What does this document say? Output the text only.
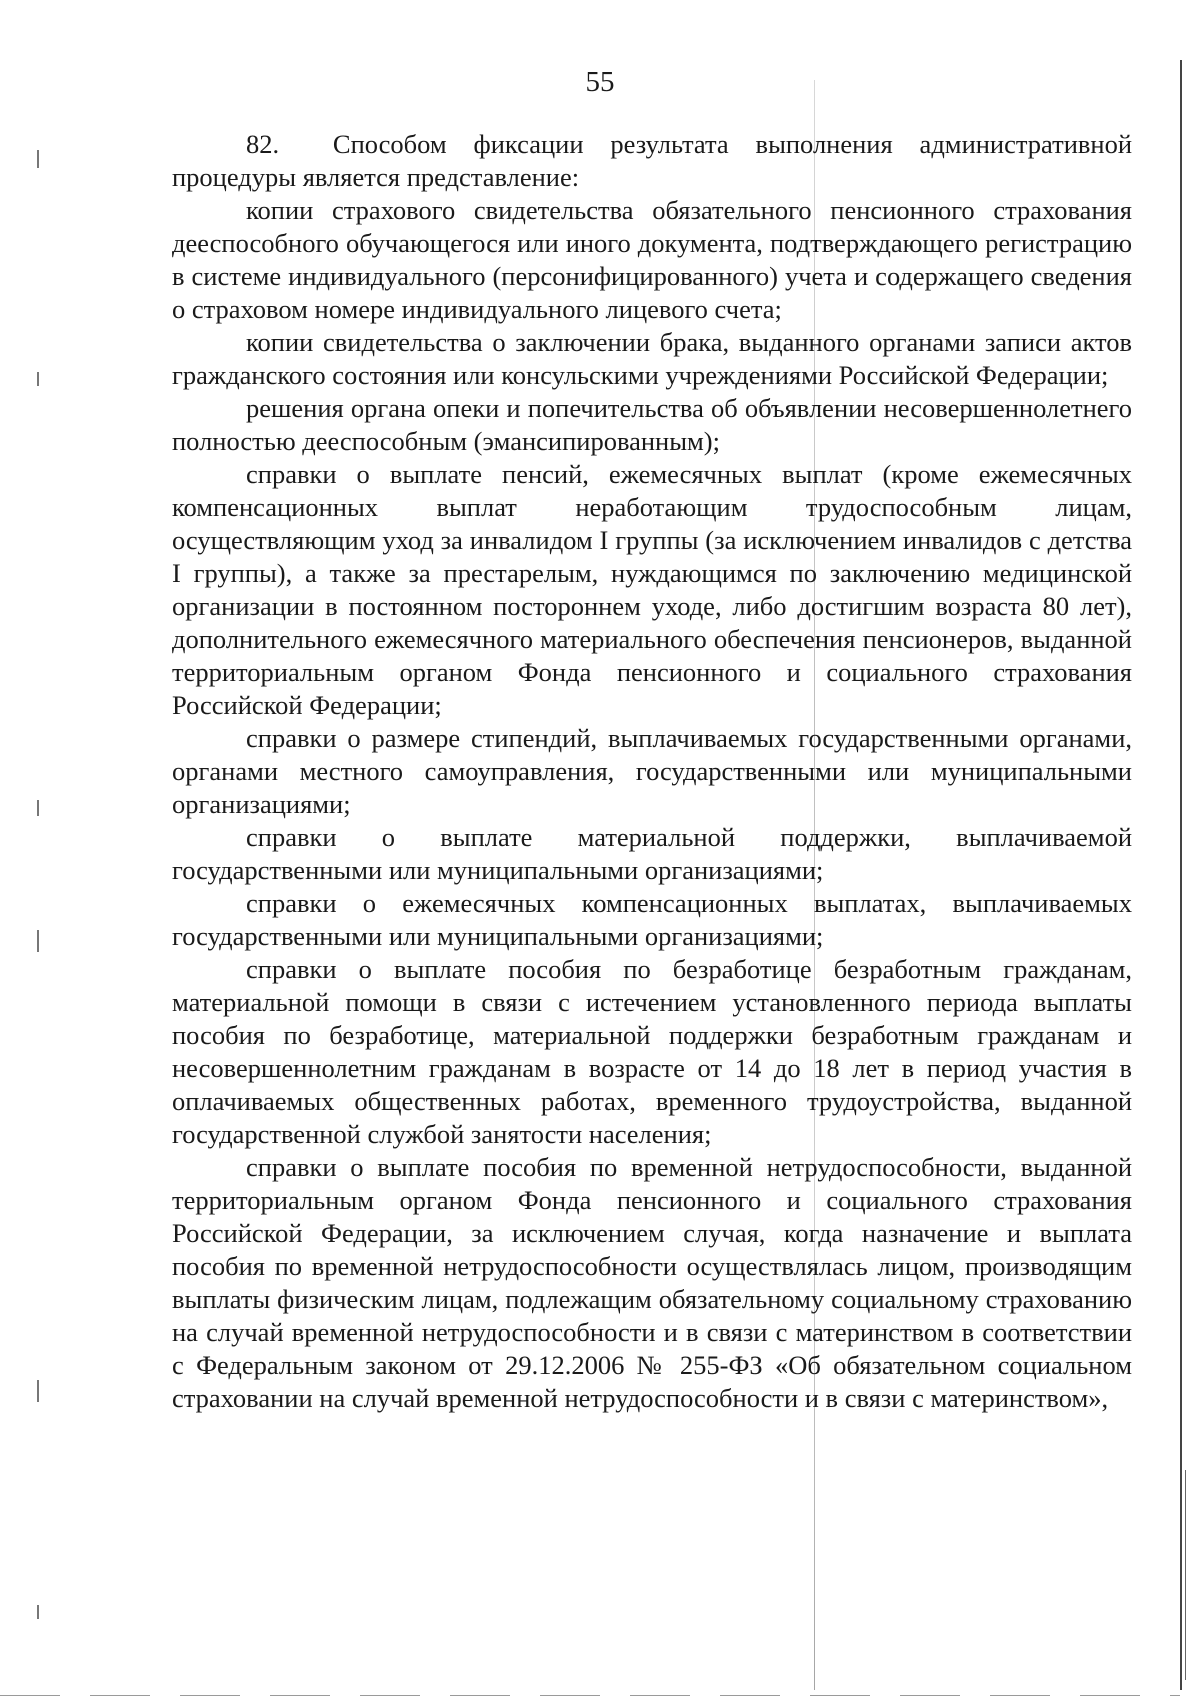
55

82.  Способом фиксации результата выполнения административной процедуры является представление:

копии страхового свидетельства обязательного пенсионного страхования дееспособного обучающегося или иного документа, подтверждающего регистрацию в системе индивидуального (персонифицированного) учета и содержащего сведения о страховом номере индивидуального лицевого счета;

копии свидетельства о заключении брака, выданного органами записи актов гражданского состояния или консульскими учреждениями Российской Федерации;

решения органа опеки и попечительства об объявлении несовершеннолетнего полностью дееспособным (эмансипированным);

справки о выплате пенсий, ежемесячных выплат (кроме ежемесячных компенсационных выплат неработающим трудоспособным лицам, осуществляющим уход за инвалидом I группы (за исключением инвалидов с детства I группы), а также за престарелым, нуждающимся по заключению медицинской организации в постоянном постороннем уходе, либо достигшим возраста 80 лет), дополнительного ежемесячного материального обеспечения пенсионеров, выданной территориальным органом Фонда пенсионного и социального страхования Российской Федерации;

справки о размере стипендий, выплачиваемых государственными органами, органами местного самоуправления, государственными или муниципальными организациями;

справки о выплате материальной поддержки, выплачиваемой государственными или муниципальными организациями;

справки о ежемесячных компенсационных выплатах, выплачиваемых государственными или муниципальными организациями;

справки о выплате пособия по безработице безработным гражданам, материальной помощи в связи с истечением установленного периода выплаты пособия по безработице, материальной поддержки безработным гражданам и несовершеннолетним гражданам в возрасте от 14 до 18 лет в период участия в оплачиваемых общественных работах, временного трудоустройства, выданной государственной службой занятости населения;

справки о выплате пособия по временной нетрудоспособности, выданной территориальным органом Фонда пенсионного и социального страхования Российской Федерации, за исключением случая, когда назначение и выплата пособия по временной нетрудоспособности осуществлялась лицом, производящим выплаты физическим лицам, подлежащим обязательному социальному страхованию на случай временной нетрудоспособности и в связи с материнством в соответствии с Федеральным законом от 29.12.2006 № 255-ФЗ «Об обязательном социальном страховании на случай временной нетрудоспособности и в связи с материнством»,
